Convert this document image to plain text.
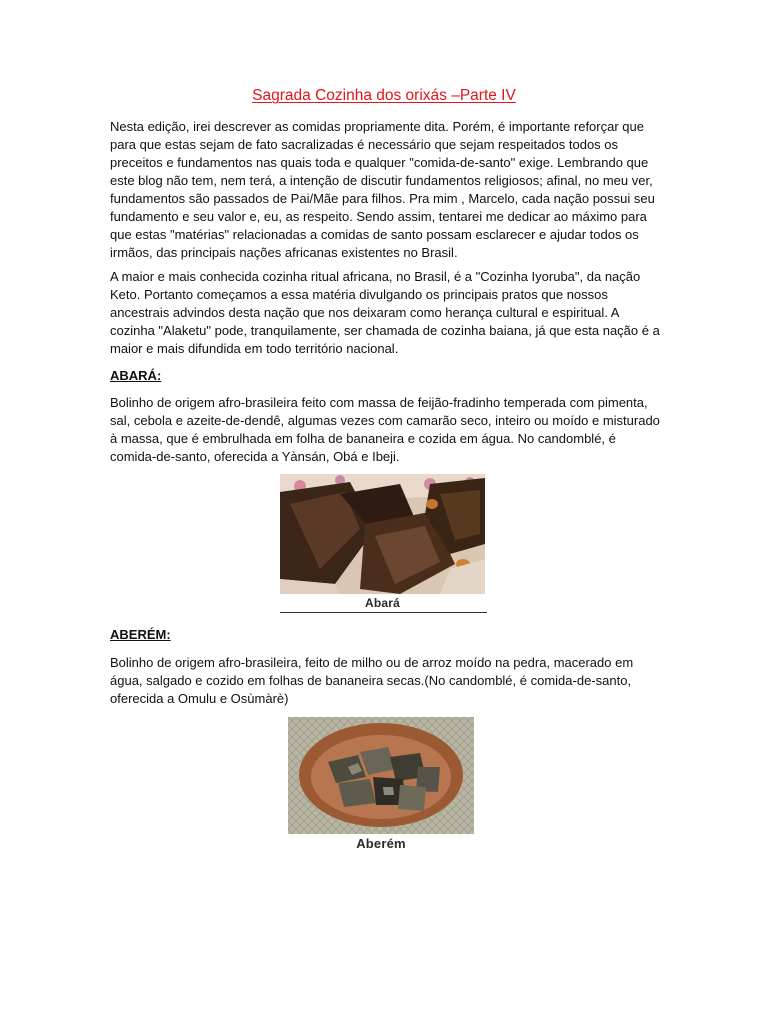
Sagrada Cozinha dos orixás –Parte IV

Nesta edição, irei descrever as comidas propriamente dita. Porém, é importante reforçar que para que estas sejam de fato sacralizadas é necessário que sejam respeitados todos os preceitos e fundamentos nas quais toda e qualquer "comida-de-santo" exige. Lembrando que este blog não tem, nem terá, a intenção de discutir fundamentos religiosos; afinal, no meu ver, fundamentos são passados de Pai/Mãe para filhos. Pra mim , Marcelo, cada nação possui seu fundamento e seu valor e, eu, as respeito. Sendo assim, tentarei me dedicar ao máximo para que estas "matérias" relacionadas a comidas de santo possam esclarecer e ajudar todos os irmãos, das principais nações africanas existentes no Brasil.

A maior e mais conhecida cozinha ritual africana, no Brasil, é a "Cozinha Iyoruba", da nação Keto. Portanto começamos a essa matéria divulgando os principais pratos que nossos ancestrais advindos desta nação que nos deixaram como herança cultural e espiritual. A cozinha "Alaketu" pode, tranquilamente, ser chamada de cozinha baiana, já que esta nação é a maior e mais difundida em todo território nacional.

ABARÁ:

Bolinho de origem afro-brasileira feito com massa de feijão-fradinho temperada com pimenta, sal, cebola e azeite-de-dendê, algumas vezes com camarão seco, inteiro ou moído e misturado à massa, que é embrulhada em folha de bananeira e cozida em água. No candomblé, é comida-de-santo, oferecida a Yànsán, Obá e Ibeji.

Abará

ABERÉM:

Bolinho de origem afro-brasileira, feito de milho ou de arroz moído na pedra, macerado em água, salgado e cozido em folhas de bananeira secas.(No candomblé, é comida-de-santo, oferecida a Omulu e Osùmàrè)

Aberém
